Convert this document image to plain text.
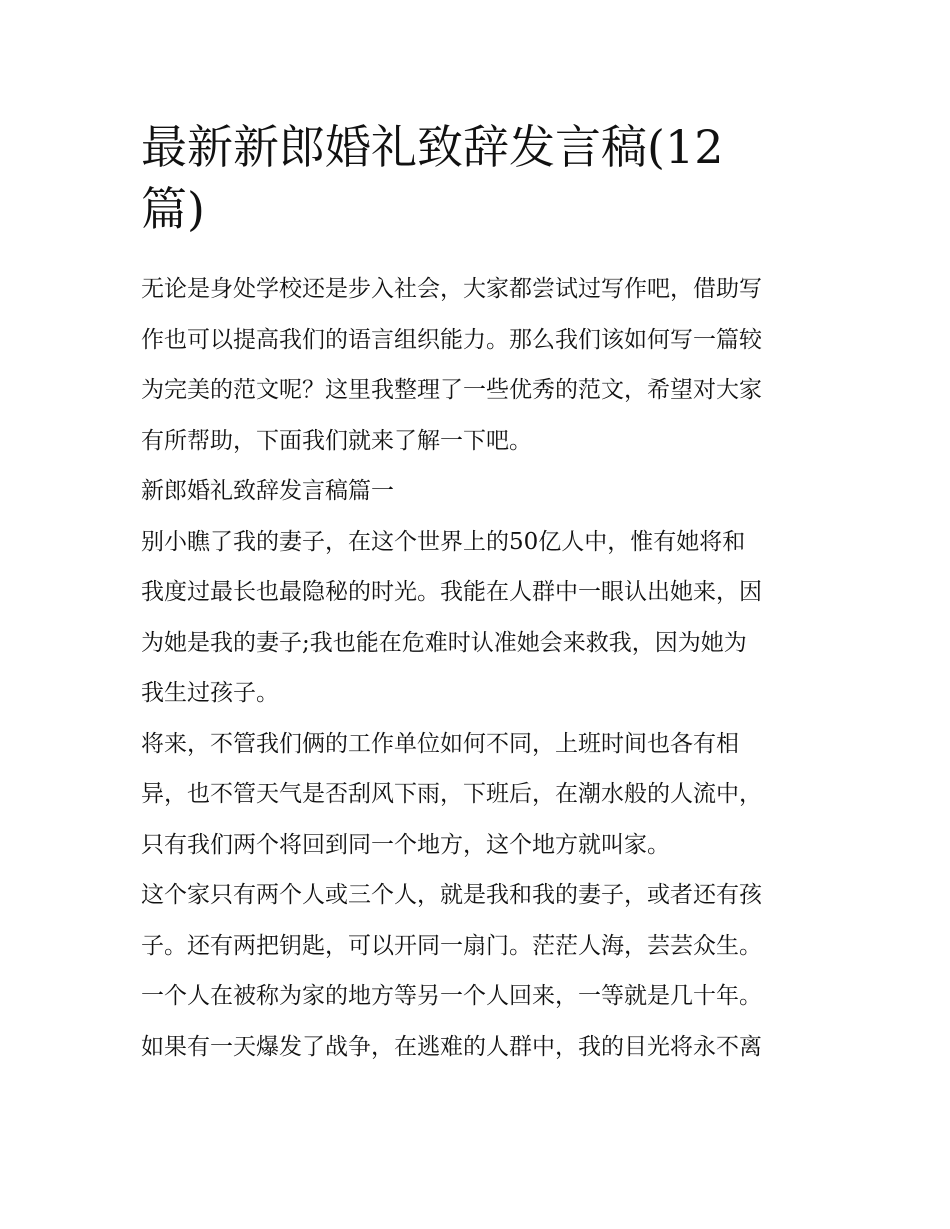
最新新郎婚礼致辞发言稿(12
篇)

无论是身处学校还是步入社会，大家都尝试过写作吧，借助写
作也可以提高我们的语言组织能力。那么我们该如何写一篇较
为完美的范文呢？这里我整理了一些优秀的范文，希望对大家
有所帮助，下面我们就来了解一下吧。

新郎婚礼致辞发言稿篇一

别小瞧了我的妻子，在这个世界上的50亿人中，惟有她将和
我度过最长也最隐秘的时光。我能在人群中一眼认出她来，因
为她是我的妻子;我也能在危难时认准她会来救我，因为她为
我生过孩子。

将来，不管我们俩的工作单位如何不同，上班时间也各有相
异，也不管天气是否刮风下雨，下班后，在潮水般的人流中，
只有我们两个将回到同一个地方，这个地方就叫家。

这个家只有两个人或三个人，就是我和我的妻子，或者还有孩
子。还有两把钥匙，可以开同一扇门。茫茫人海，芸芸众生。
一个人在被称为家的地方等另一个人回来，一等就是几十年。
如果有一天爆发了战争，在逃难的人群中，我的目光将永不离
